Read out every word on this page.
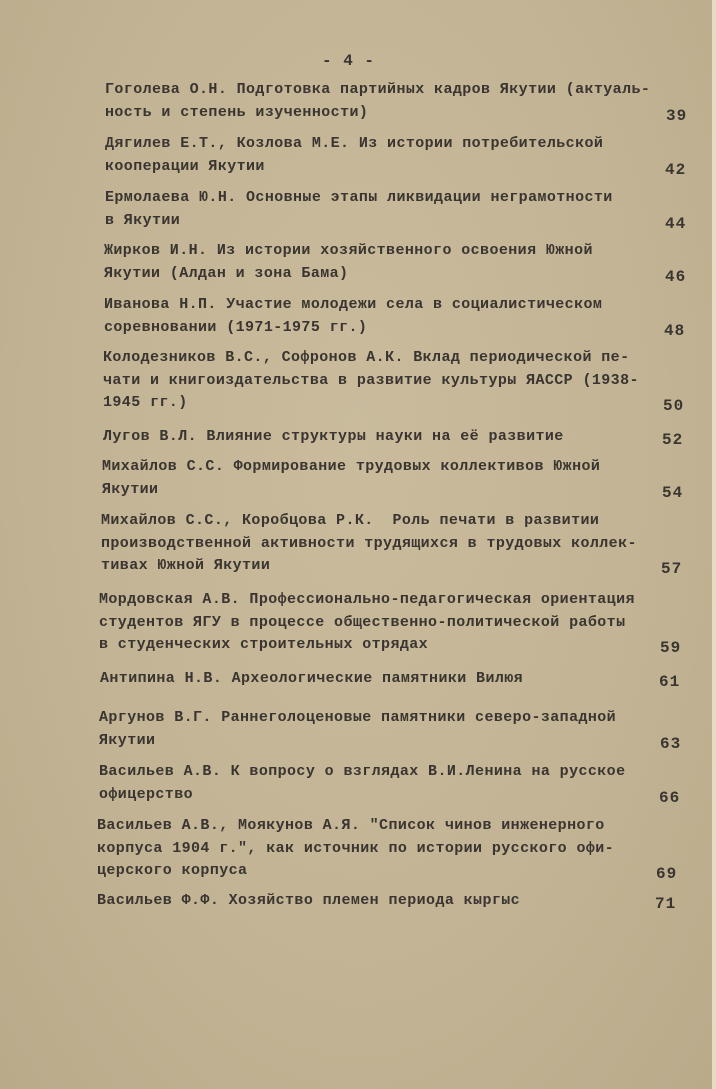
- 4 -
Гоголева О.Н. Подготовка партийных кадров Якутии (актуаль-
ность и степень изученности)	39
Дягилев Е.Т., Козлова М.Е. Из истории потребительской
кооперации Якутии	42
Ермолаева Ю.Н. Основные этапы ликвидации неграмотности
в Якутии	44
Жирков И.Н. Из истории хозяйственного освоения Южной
Якутии (Алдан и зона Бама)	46
Иванова Н.П. Участие молодежи села в социалистическом
соревновании (1971-1975 гг.)	48
Колодезников В.С., Софронов А.К. Вклад периодической пе-
чати и книгоиздательства в развитие культуры ЯАССР (1938-
1945 гг.)	50
Лугов В.Л. Влияние структуры науки на её развитие	52
Михайлов С.С. Формирование трудовых коллективов Южной
Якутии	54
Михайлов С.С., Коробцова Р.К.  Роль печати в развитии
производственной активности трудящихся в трудовых коллек-
тивах Южной Якутии	57
Мордовская А.В. Профессионально-педагогическая ориентация
студентов ЯГУ в процессе общественно-политической работы
в студенческих строительных отрядах	59
Антипина Н.В. Археологические памятники Вилюя	61
Аргунов В.Г. Раннеголоценовые памятники северо-западной
Якутии	63
Васильев А.В. К вопросу о взглядах В.И.Ленина на русское
офицерство	66
Васильев А.В., Моякунов А.Я. "Список чинов инженерного
корпуса 1904 г.", как источник по истории русского офи-
церского корпуса	69
Васильев Ф.Ф. Хозяйство племен периода кыргыс	71
